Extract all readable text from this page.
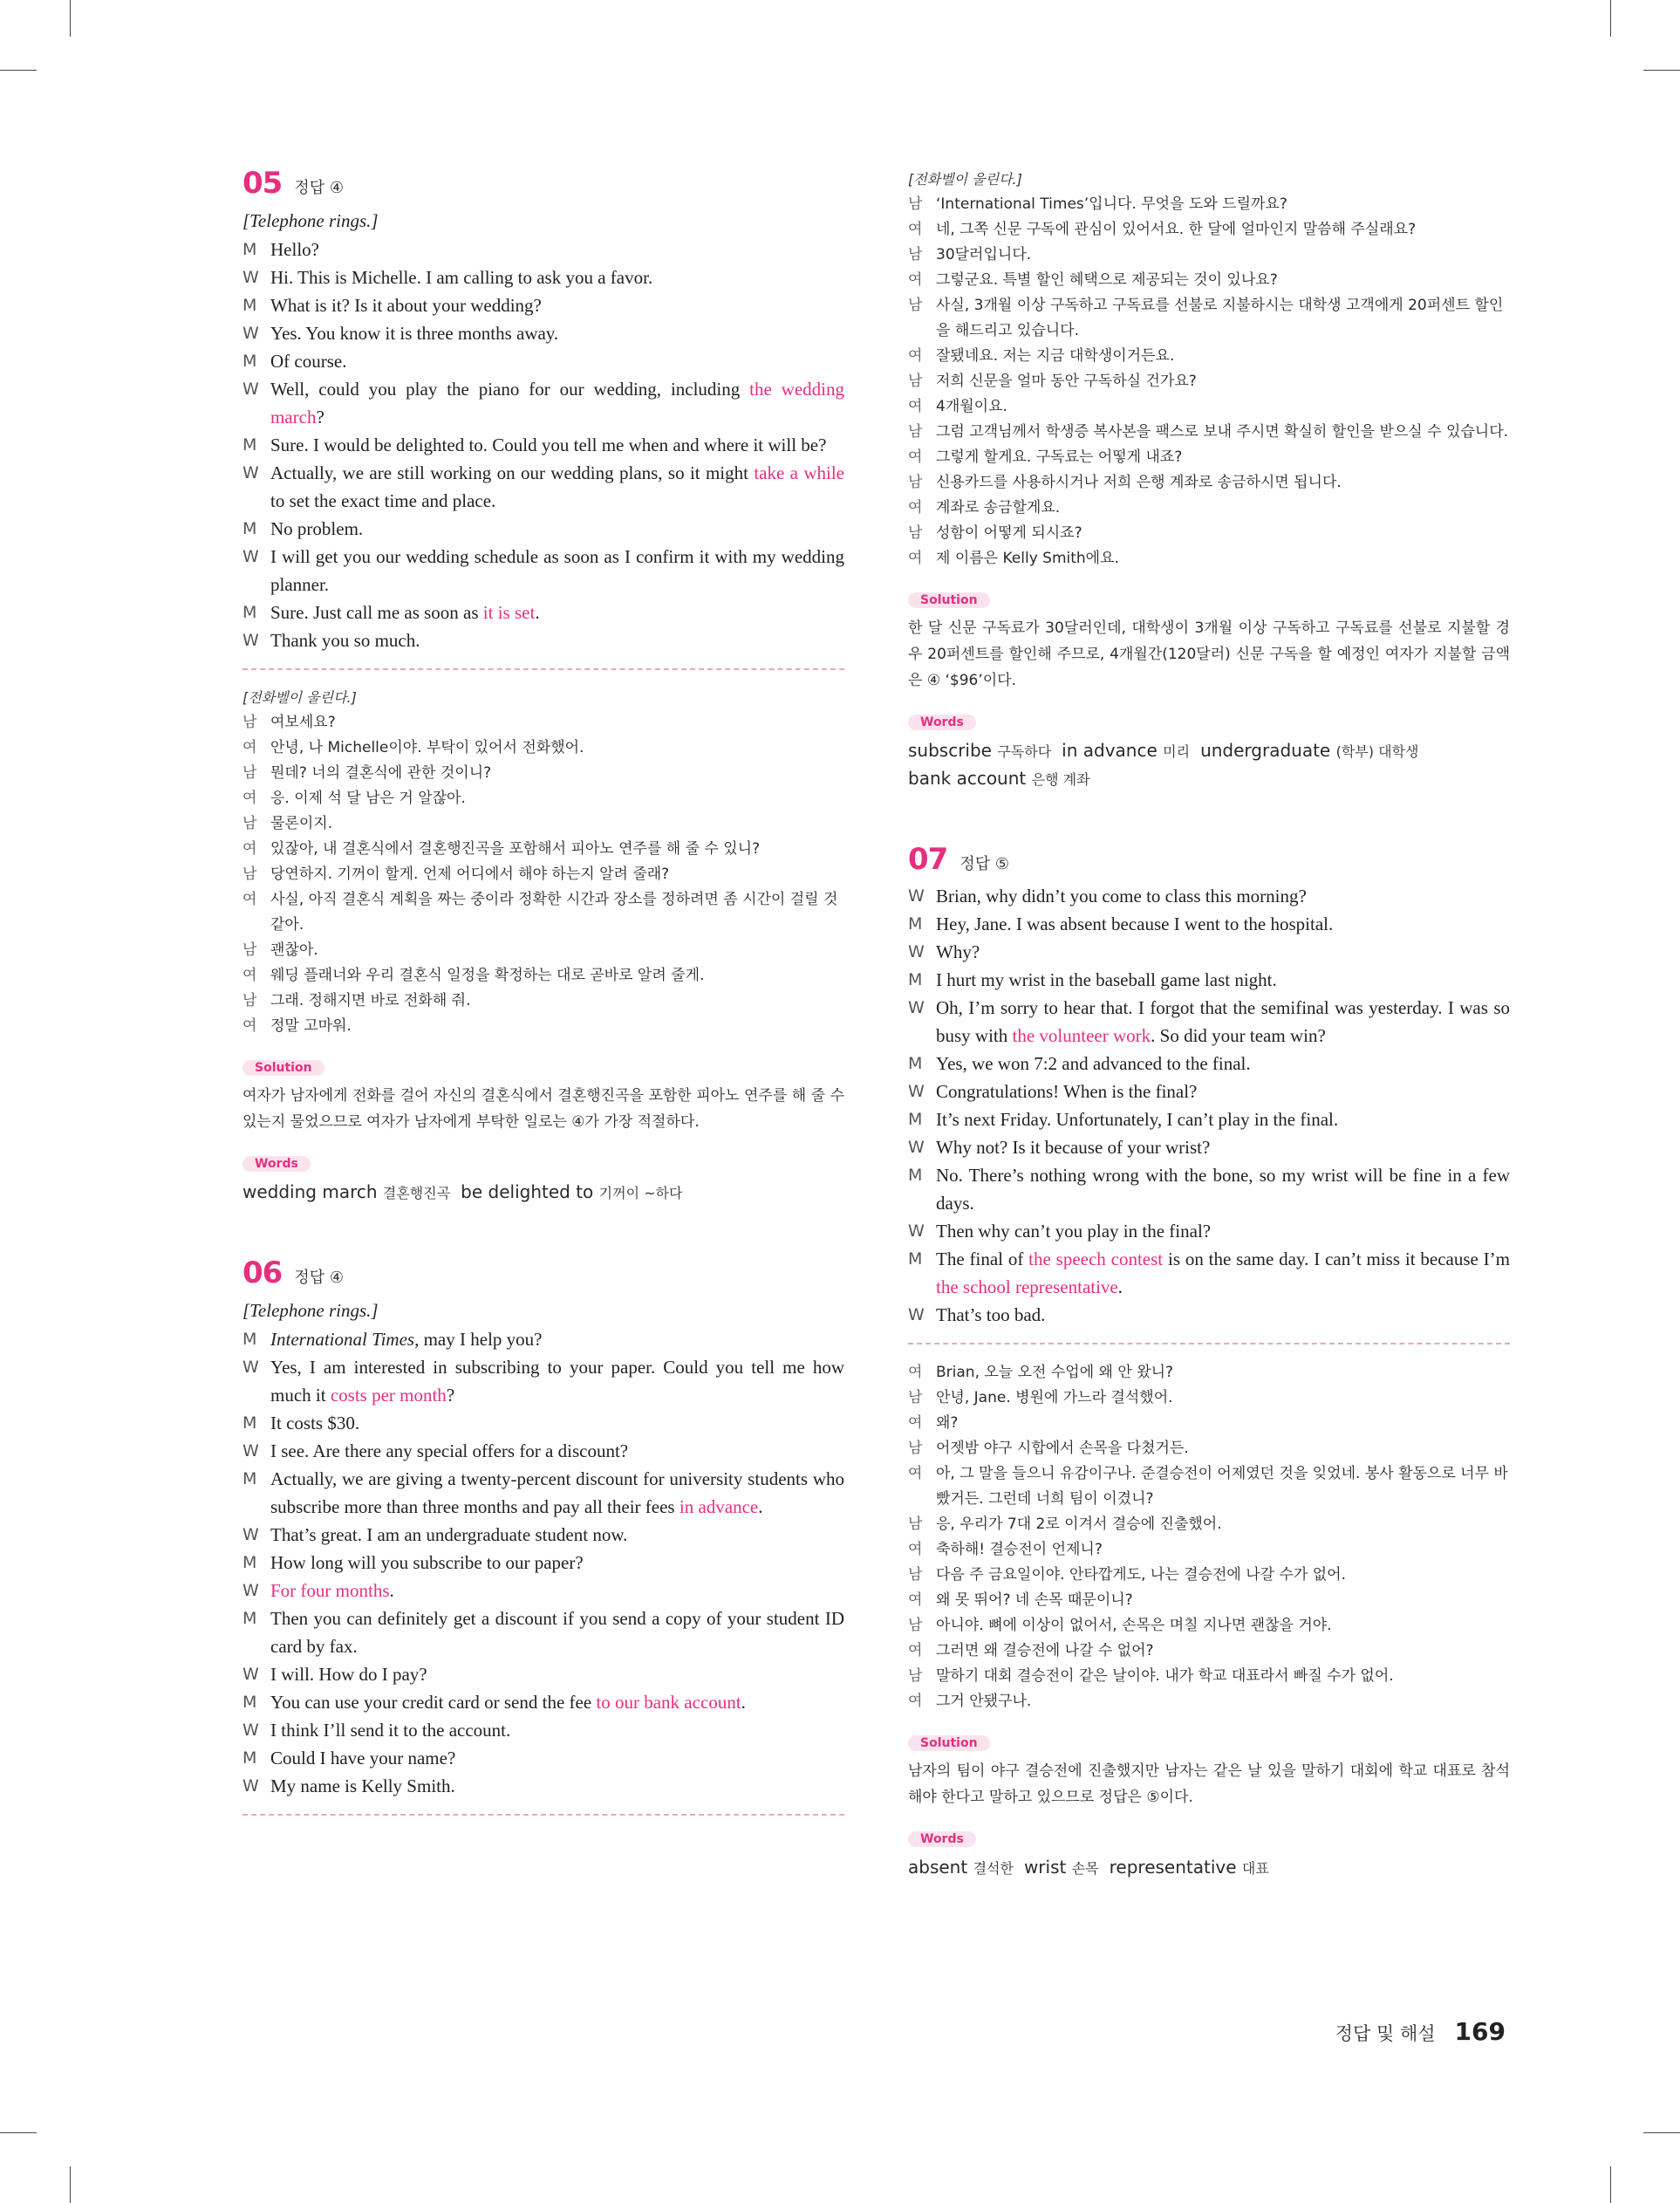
05 정답 ④
[Telephone rings.]

M Hello?

W Hi. This is Michelle. I am calling to ask you a favor.

M What is it? Is it about your wedding?

W Yes. You know it is three months away.

M Of course.

W Well, could you play the piano for our wedding, including the wedding march?

M Sure. I would be delighted to. Could you tell me when and where it will be?

W Actually, we are still working on our wedding plans, so it might take a while to set the exact time and place.

M No problem.

W I will get you our wedding schedule as soon as I confirm it with my wedding planner.

M Sure. Just call me as soon as it is set.

W Thank you so much.

[전화벨이 울린다.]

남 여보세요?

여 안녕, 나 Michelle이야. 부탁이 있어서 전화했어.

남 뭔데? 너의 결혼식에 관한 것이니?

여 응. 이제 석 달 남은 거 알잖아.

남 물론이지.

여 있잖아, 내 결혼식에서 결혼행진곡을 포함해서 피아노 연주를 해 줄 수 있니?

남 당연하지. 기꺼이 할게. 언제 어디에서 해야 하는지 알려 줄래?

여 사실, 아직 결혼식 계획을 짜는 중이라 정확한 시간과 장소를 정하려면 좀 시간이 걸릴 것 같아.

남 괜찮아.

여 웨딩 플래너와 우리 결혼식 일정을 확정하는 대로 곧바로 알려 줄게.

남 그래. 정해지면 바로 전화해 줘.

여 정말 고마워.

Solution

여자가 남자에게 전화를 걸어 자신의 결혼식에서 결혼행진곡을 포함한 피아노 연주를 해 줄 수 있는지 물었으므로 여자가 남자에게 부탁한 일로는 ④가 가장 적절하다.

Words

wedding march 결혼행진곡 be delighted to 기꺼이 ~하다

06 정답 ④
[Telephone rings.]

M International Times, may I help you?

W Yes, I am interested in subscribing to your paper. Could you tell me how much it costs per month?

M It costs $30.

W I see. Are there any special offers for a discount?

M Actually, we are giving a twenty-percent discount for university students who subscribe more than three months and pay all their fees in advance.

W That’s great. I am an undergraduate student now.

M How long will you subscribe to our paper?

W For four months.

M Then you can definitely get a discount if you send a copy of your student ID card by fax.

W I will. How do I pay?

M You can use your credit card or send the fee to our bank account.

W I think I’ll send it to the account.

M Could I have your name?

W My name is Kelly Smith.

[전화벨이 울린다.]

남 ‘International Times’입니다. 무엇을 도와 드릴까요?

여 네, 그쪽 신문 구독에 관심이 있어서요. 한 달에 얼마인지 말씀해 주실래요?

남 30달러입니다.

여 그렇군요. 특별 할인 혜택으로 제공되는 것이 있나요?

남 사실, 3개월 이상 구독하고 구독료를 선불로 지불하시는 대학생 고객에게 20퍼센트 할인을 해드리고 있습니다.

여 잘됐네요. 저는 지금 대학생이거든요.

남 저희 신문을 얼마 동안 구독하실 건가요?

여 4개월이요.

남 그럼 고객님께서 학생증 복사본을 팩스로 보내 주시면 확실히 할인을 받으실 수 있습니다.

여 그렇게 할게요. 구독료는 어떻게 내죠?

남 신용카드를 사용하시거나 저희 은행 계좌로 송금하시면 됩니다.

여 계좌로 송금할게요.

남 성함이 어떻게 되시죠?

여 제 이름은 Kelly Smith에요.

Solution

한 달 신문 구독료가 30달러인데, 대학생이 3개월 이상 구독하고 구독료를 선불로 지불할 경우 20퍼센트를 할인해 주므로, 4개월간(120달러) 신문 구독을 할 예정인 여자가 지불할 금액은 ④ ‘$96’이다.

Words

subscribe 구독하다 in advance 미리 undergraduate (학부) 대학생
bank account 은행 계좌

07 정답 ⑤

W Brian, why didn’t you come to class this morning?

M Hey, Jane. I was absent because I went to the hospital.

W Why?

M I hurt my wrist in the baseball game last night.

W Oh, I’m sorry to hear that. I forgot that the semifinal was yesterday. I was so busy with the volunteer work. So did your team win?

M Yes, we won 7:2 and advanced to the final.

W Congratulations! When is the final?

M It’s next Friday. Unfortunately, I can’t play in the final.

W Why not? Is it because of your wrist?

M No. There’s nothing wrong with the bone, so my wrist will be fine in a few days.

W Then why can’t you play in the final?

M The final of the speech contest is on the same day. I can’t miss it because I’m the school representative.

W That’s too bad.

여 Brian, 오늘 오전 수업에 왜 안 왔니?

남 안녕, Jane. 병원에 가느라 결석했어.

여 왜?

남 어젯밤 야구 시합에서 손목을 다쳤거든.

여 아, 그 말을 들으니 유감이구나. 준결승전이 어제였던 것을 잊었네. 봉사 활동으로 너무 바빴거든. 그런데 너희 팀이 이겼니?

남 응, 우리가 7대 2로 이겨서 결승에 진출했어.

여 축하해! 결승전이 언제니?

남 다음 주 금요일이야. 안타깝게도, 나는 결승전에 나갈 수가 없어.

여 왜 못 뛰어? 네 손목 때문이니?

남 아니야. 뼈에 이상이 없어서, 손목은 며칠 지나면 괜찮을 거야.

여 그러면 왜 결승전에 나갈 수 없어?

남 말하기 대회 결승전이 같은 날이야. 내가 학교 대표라서 빠질 수가 없어.

여 그거 안됐구나.

Solution

남자의 팀이 야구 결승전에 진출했지만 남자는 같은 날 있을 말하기 대회에 학교 대표로 참석해야 한다고 말하고 있으므로 정답은 ⑤이다.

Words

absent 결석한 wrist 손목 representative 대표

정답 및 해설 169
